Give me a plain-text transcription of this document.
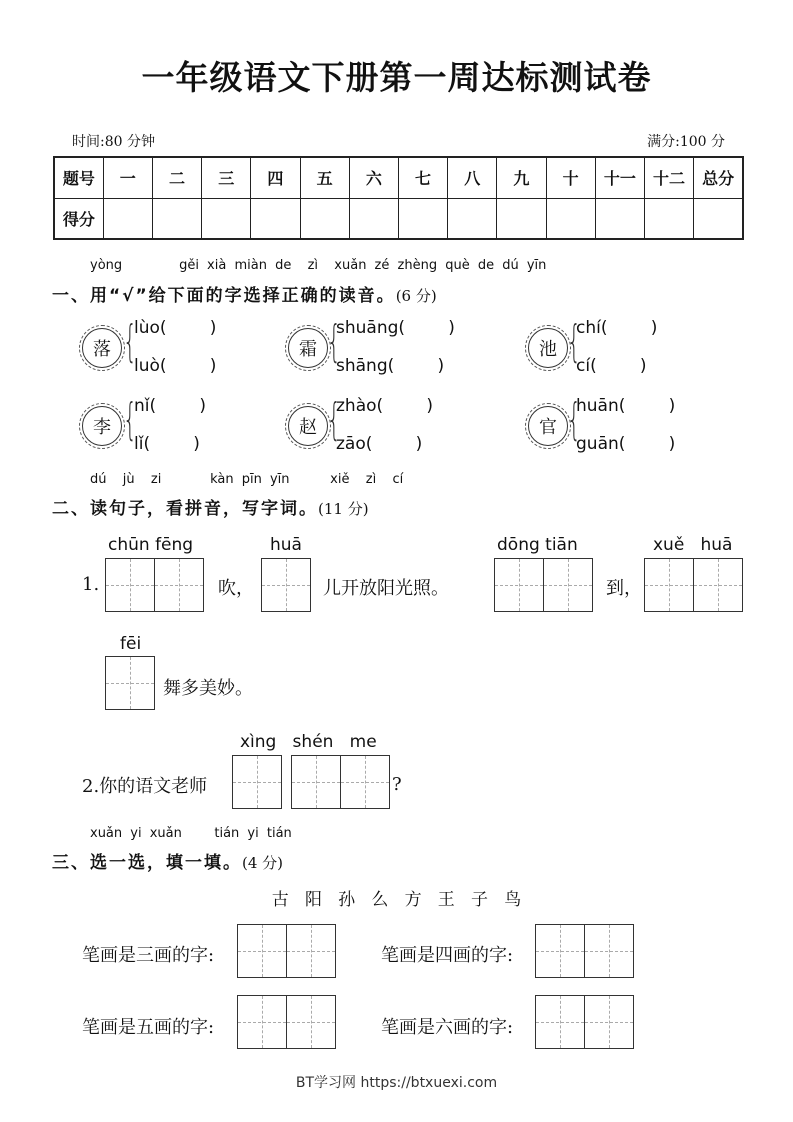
一年级语文下册第一周达标测试卷
时间:80 分钟	满分:100 分
题号	一	二	三	四	五	六	七	八	九	十	十一	十二	总分
得分													
yòng       gěi xià miàn de  zì  xuǎn zé zhèng què de dú yīn
一、用“√”给下面的字选择正确的读音。(6 分)
落 {
lùo(        )
luò(        )
霜 {
shuāng(        )
shāng(        )
池 {
chí(        )
cí(        )
李 {
nǐ(        )
lǐ(        )
赵 {
zhào(        )
zāo(        )
官 {
huān(        )
guān(        )
dú  jù  zi      kàn pīn yīn     xiě  zì  cí
二、读句子，看拼音，写字词。(11 分)
chūn fēng
1.	吹，
huā
儿开放阳光照。
dōng tiān
到，
xuě   huā
fēi
舞多美妙。
2.你的语文老师
xìng   shén   me
?
xuǎn yi xuǎn    tián yi tián
三、选一选，填一填。(4 分)
古   阳   孙   么   方   王   子   鸟
笔画是三画的字:	笔画是四画的字:
笔画是五画的字:	笔画是六画的字:
BT学习网 https://btxuexi.com
